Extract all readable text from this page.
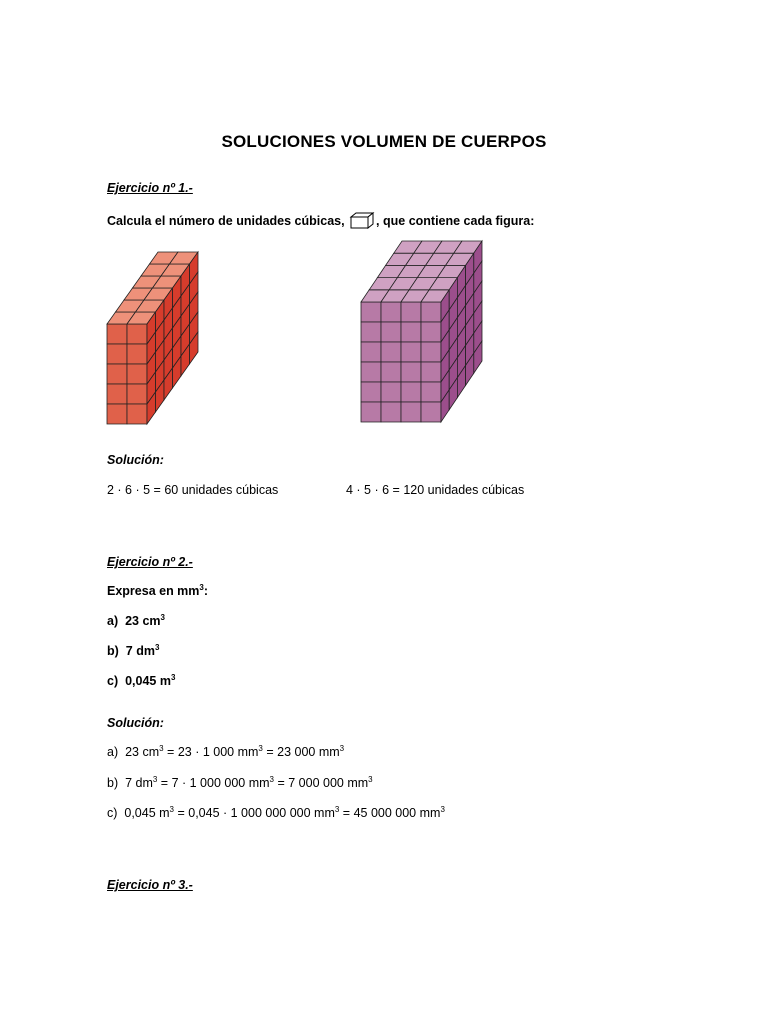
SOLUCIONES VOLUMEN DE CUERPOS
Ejercicio nº 1.-
Calcula el número de unidades cúbicas, , que contiene cada figura:
Solución:
2 · 6 · 5 = 60 unidades cúbicas	4 · 5 · 6 = 120 unidades cúbicas
Ejercicio nº 2.-
Expresa en $mm^3$:
a) 23 $cm^3$
b) 7 $dm^3$
c) 0,045 $m^3$
Solución:
a) 23 $cm^3 = 23 \cdot 1$ 000 $mm^3 = 23$ 000 $mm^3$
b) 7 $dm^3 = 7 \cdot 1$ 000 000 $mm^3 = 7$ 000 000 $mm^3$
c) 0,045 $m^3 = 0,045 \cdot 1$ 000 000 000 $mm^3 = 45$ 000 000 $mm^3$
Ejercicio nº 3.-
